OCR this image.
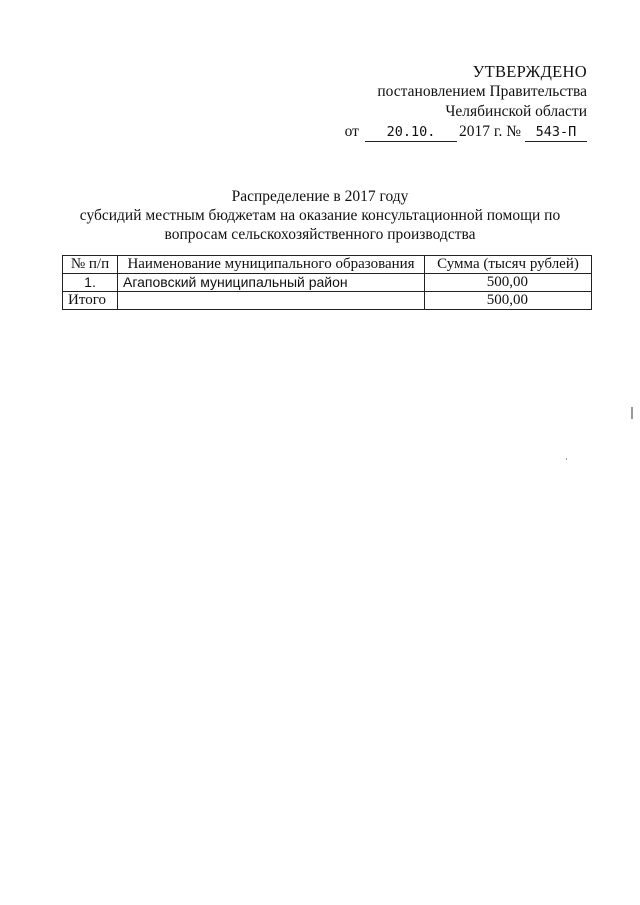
УТВЕРЖДЕНО
постановлением Правительства
Челябинской области
от	20.10.	2017 г. №	543-П
Распределение в 2017 году
субсидий местным бюджетам на оказание консультационной помощи по
вопросам сельскохозяйственного производства
№ п/п	Наименование муниципального образования	Сумма (тысяч рублей)
1.	Агаповский муниципальный район	500,00
Итого		500,00
